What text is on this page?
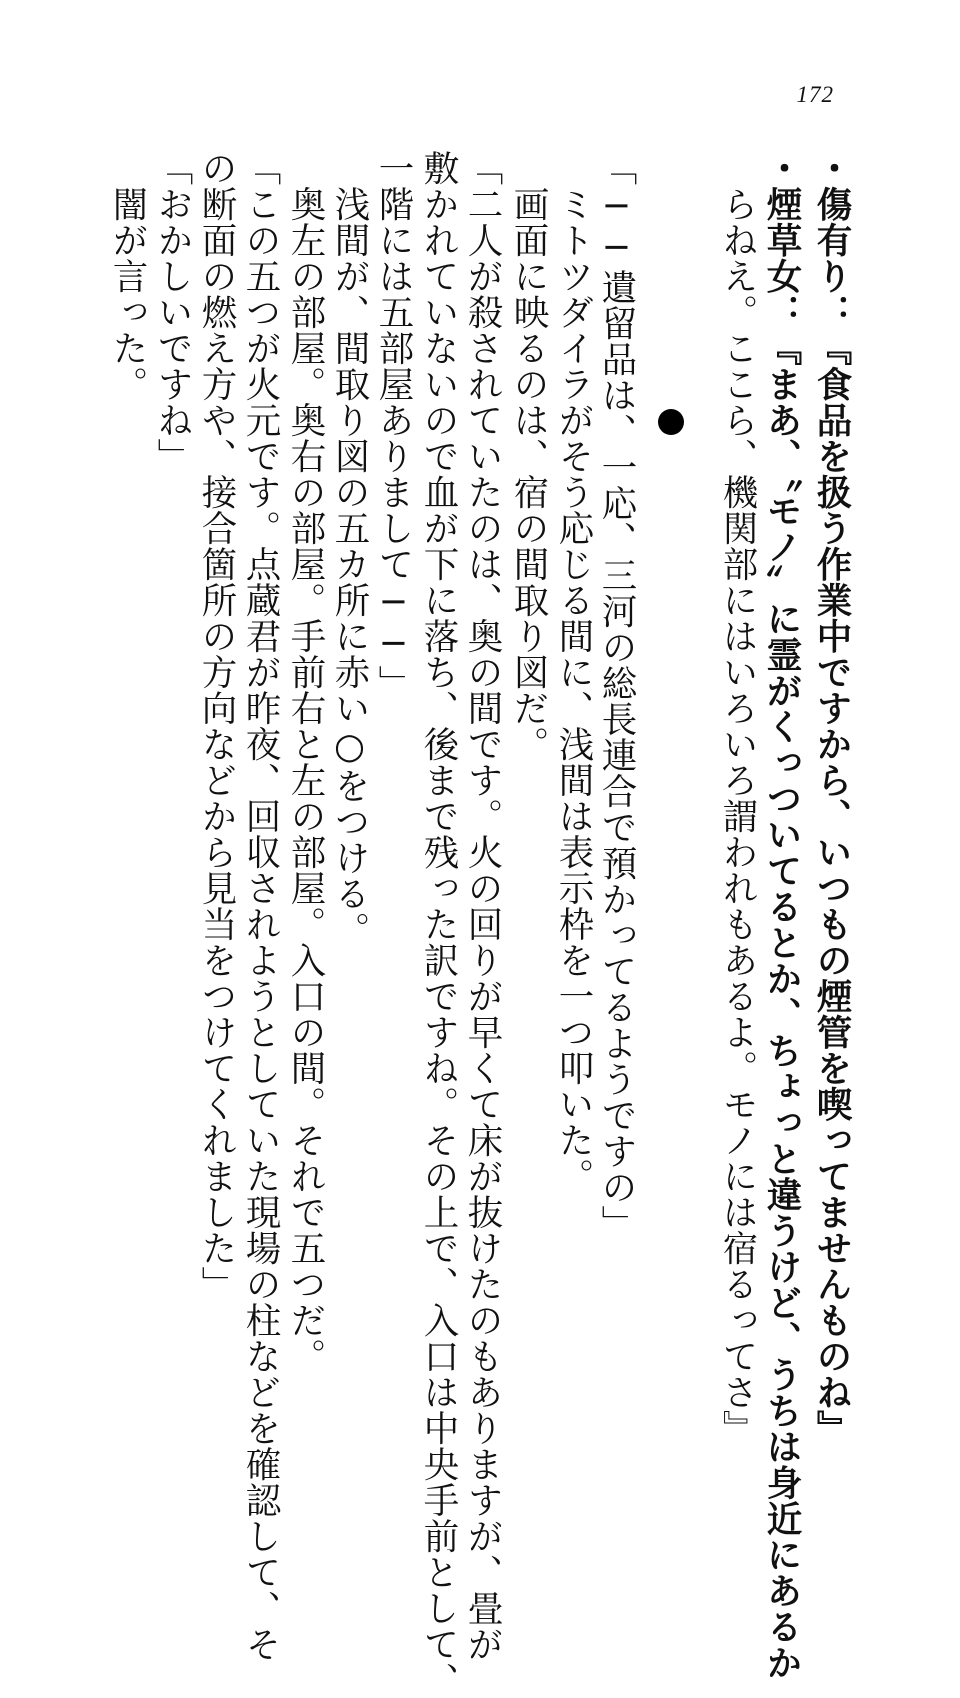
172
・傷有り：『食品を扱う作業中ですから、いつもの煙管を喫ってませんものね』
・煙草女：『まあ、〝モノ〟に霊がくっついてるとか、ちょっと違うけど、うちは身近にあるか
らねえ。ここら、機関部にはいろいろ謂われもあるよ。モノには宿るってさ』
「──遺留品は、一応、三河の総長連合で預かってるようですの」
ミトツダイラがそう応じる間に、浅間は表示枠を一つ叩いた。
画面に映るのは、宿の間取り図だ。
「二人が殺されていたのは、奥の間です。火の回りが早くて床が抜けたのもありますが、畳が
敷かれていないので血が下に落ち、後まで残った訳ですね。その上で、入口は中央手前として、
一階には五部屋ありまして──」
浅間が、間取り図の五カ所に赤い○をつける。
奥左の部屋。奥右の部屋。手前右と左の部屋。入口の間。それで五つだ。
「この五つが火元です。点蔵君が昨夜、回収されようとしていた現場の柱などを確認して、そ
の断面の燃え方や、接合箇所の方向などから見当をつけてくれました」
「おかしいですね」
闇が言った。
